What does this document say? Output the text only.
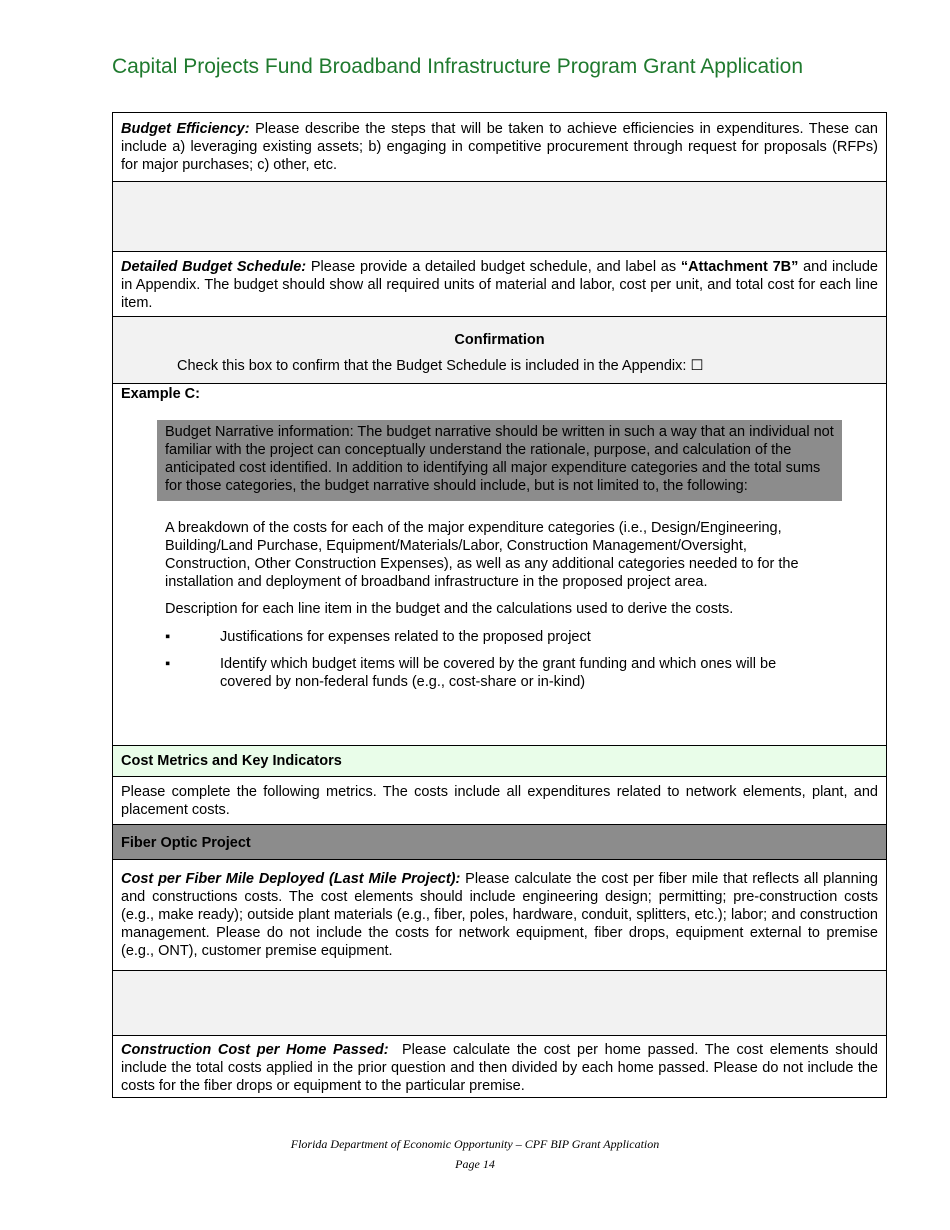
Capital Projects Fund Broadband Infrastructure Program Grant Application
Budget Efficiency: Please describe the steps that will be taken to achieve efficiencies in expenditures. These can include a) leveraging existing assets; b) engaging in competitive procurement through request for proposals (RFPs) for major purchases; c) other, etc.

Detailed Budget Schedule: Please provide a detailed budget schedule, and label as “Attachment 7B” and include in Appendix. The budget should show all required units of material and labor, cost per unit, and total cost for each line item.

Confirmation
Check this box to confirm that the Budget Schedule is included in the Appendix: ☐

Example C:
Budget Narrative information: The budget narrative should be written in such a way that an individual not familiar with the project can conceptually understand the rationale, purpose, and calculation of the anticipated cost identified. In addition to identifying all major expenditure categories and the total sums for those categories, the budget narrative should include, but is not limited to, the following:
A breakdown of the costs for each of the major expenditure categories (i.e., Design/Engineering, Building/Land Purchase, Equipment/Materials/Labor, Construction Management/Oversight, Construction, Other Construction Expenses), as well as any additional categories needed to for the installation and deployment of broadband infrastructure in the proposed project area.
Description for each line item in the budget and the calculations used to derive the costs.
▪	Justifications for expenses related to the proposed project
▪	Identify which budget items will be covered by the grant funding and which ones will be covered by non-federal funds (e.g., cost-share or in-kind)

Cost Metrics and Key Indicators
Please complete the following metrics. The costs include all expenditures related to network elements, plant, and placement costs.
Fiber Optic Project
Cost per Fiber Mile Deployed (Last Mile Project): Please calculate the cost per fiber mile that reflects all planning and constructions costs. The cost elements should include engineering design; permitting; pre-construction costs (e.g., make ready); outside plant materials (e.g., fiber, poles, hardware, conduit, splitters, etc.); labor; and construction management. Please do not include the costs for network equipment, fiber drops, equipment external to premise (e.g., ONT), customer premise equipment.

Construction Cost per Home Passed:  Please calculate the cost per home passed. The cost elements should include the total costs applied in the prior question and then divided by each home passed. Please do not include the costs for the fiber drops or equipment to the particular premise.
Florida Department of Economic Opportunity – CPF BIP Grant Application
Page 14
